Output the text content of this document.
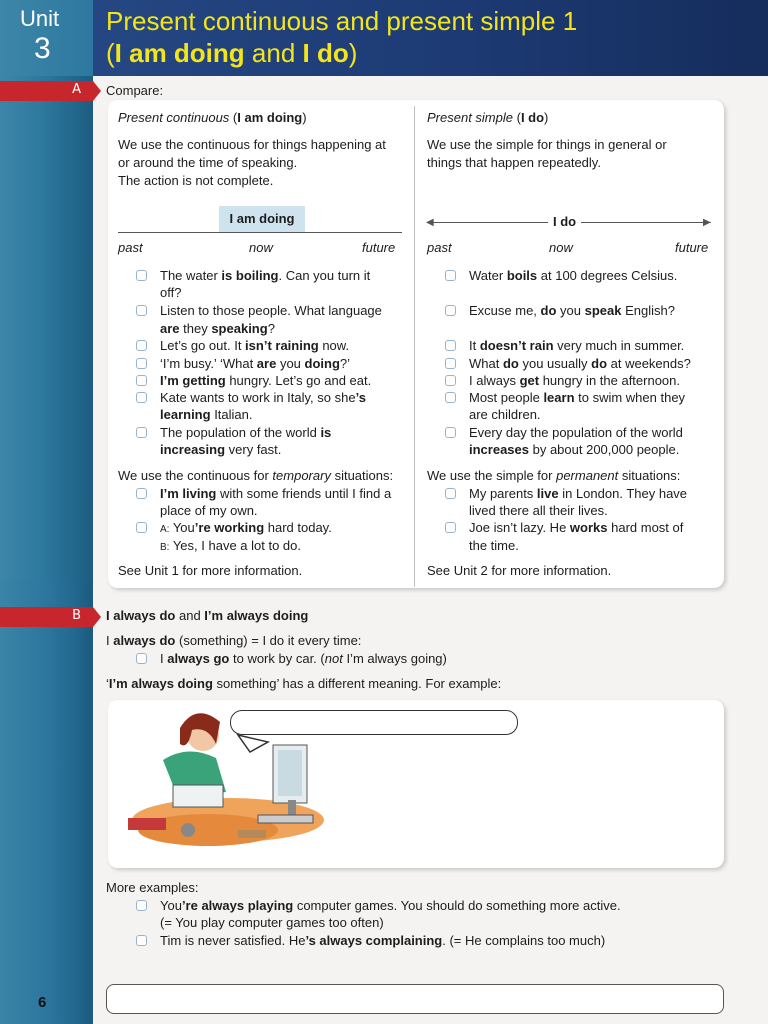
Unit
3
Present continuous and present simple 1
(I am doing and I do)
A
B
Compare:
Present continuous (I am doing)	Present simple (I do)
I am doing
past	now	future
◀	▶
I do
past	now	future
We use the continuous for things happening at
or around the time of speaking.
The action is not complete.
We use the simple for things in general or
things that happen repeatedly.
The water is boiling. Can you turn it
off?
Listen to those people. What language
are they speaking?
Let’s go out. It isn’t raining now.
‘I’m busy.’ ‘What are you doing?’
I’m getting hungry. Let’s go and eat.
Kate wants to work in Italy, so she’s
learning Italian.
The population of the world is
increasing very fast.
Water boils at 100 degrees Celsius.
Excuse me, do you speak English?
It doesn’t rain very much in summer.
What do you usually do at weekends?
I always get hungry in the afternoon.
Most people learn to swim when they
are children.
Every day the population of the world
increases by about 200,000 people.
We use the continuous for temporary situations:	We use the simple for permanent situations:
I’m living with some friends until I find a
place of my own.
A: You’re working hard today.
B: Yes, I have a lot to do.
My parents live in London. They have
lived there all their lives.
Joe isn’t lazy. He works hard most of
the time.
See Unit 1 for more information.	See Unit 2 for more information.
I always do and I’m always doing
I always do (something) = I do it every time:
I always go to work by car. (not I’m always going)
‘I’m always doing something’ has a different meaning. For example:
More examples:
You’re always playing computer games. You should do something more active.
(= You play computer games too often)
Tim is never satisfied. He’s always complaining. (= He complains too much)
6
